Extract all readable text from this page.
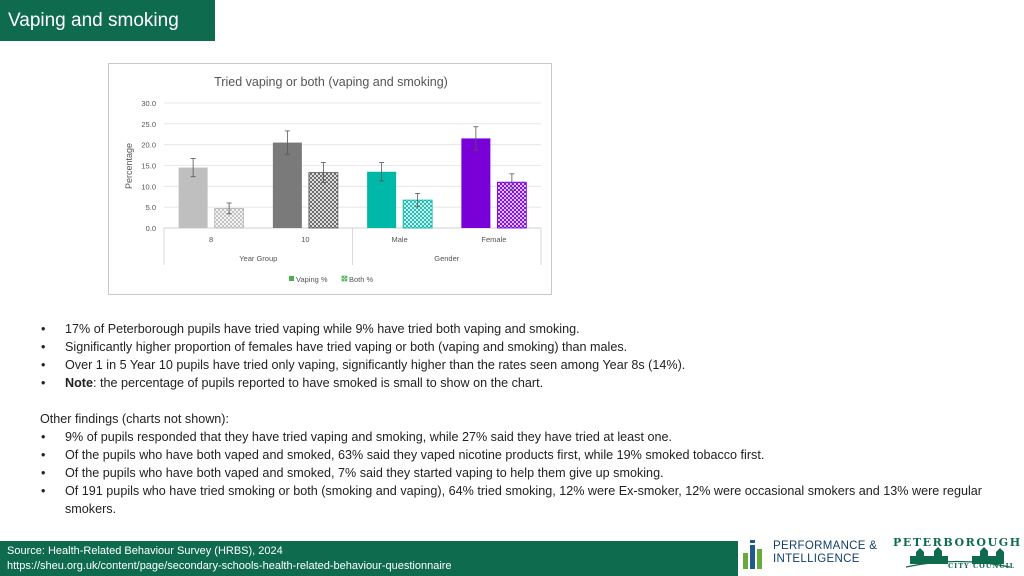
Vaping and smoking
Tried vaping or both (vaping and smoking)
Percentage
0.0
5.0
10.0
15.0
20.0
25.0
30.0
8	10	Male	Female
Year Group	Gender
Vaping %	Both %
• 17% of Peterborough pupils have tried vaping while 9% have tried both vaping and smoking.
• Significantly higher proportion of females have tried vaping or both (vaping and smoking) than males.
• Over 1 in 5 Year 10 pupils have tried only vaping, significantly higher than the rates seen among Year 8s (14%).
• Note: the percentage of pupils reported to have smoked is small to show on the chart.
Other findings (charts not shown):
• 9% of pupils responded that they have tried vaping and smoking, while 27% said they have tried at least one.
• Of the pupils who have both vaped and smoked, 63% said they vaped nicotine products first, while 19% smoked tobacco first.
• Of the pupils who have both vaped and smoked, 7% said they started vaping to help them give up smoking.
• Of 191 pupils who have tried smoking or both (smoking and vaping), 64% tried smoking, 12% were Ex-smoker, 12% were occasional smokers and 13% were regular smokers.
Source: Health-Related Behaviour Survey (HRBS), 2024
https://sheu.org.uk/content/page/secondary-schools-health-related-behaviour-questionnaire
PERFORMANCE &
INTELLIGENCE
PETERBOROUGH
CITY COUNCIL
